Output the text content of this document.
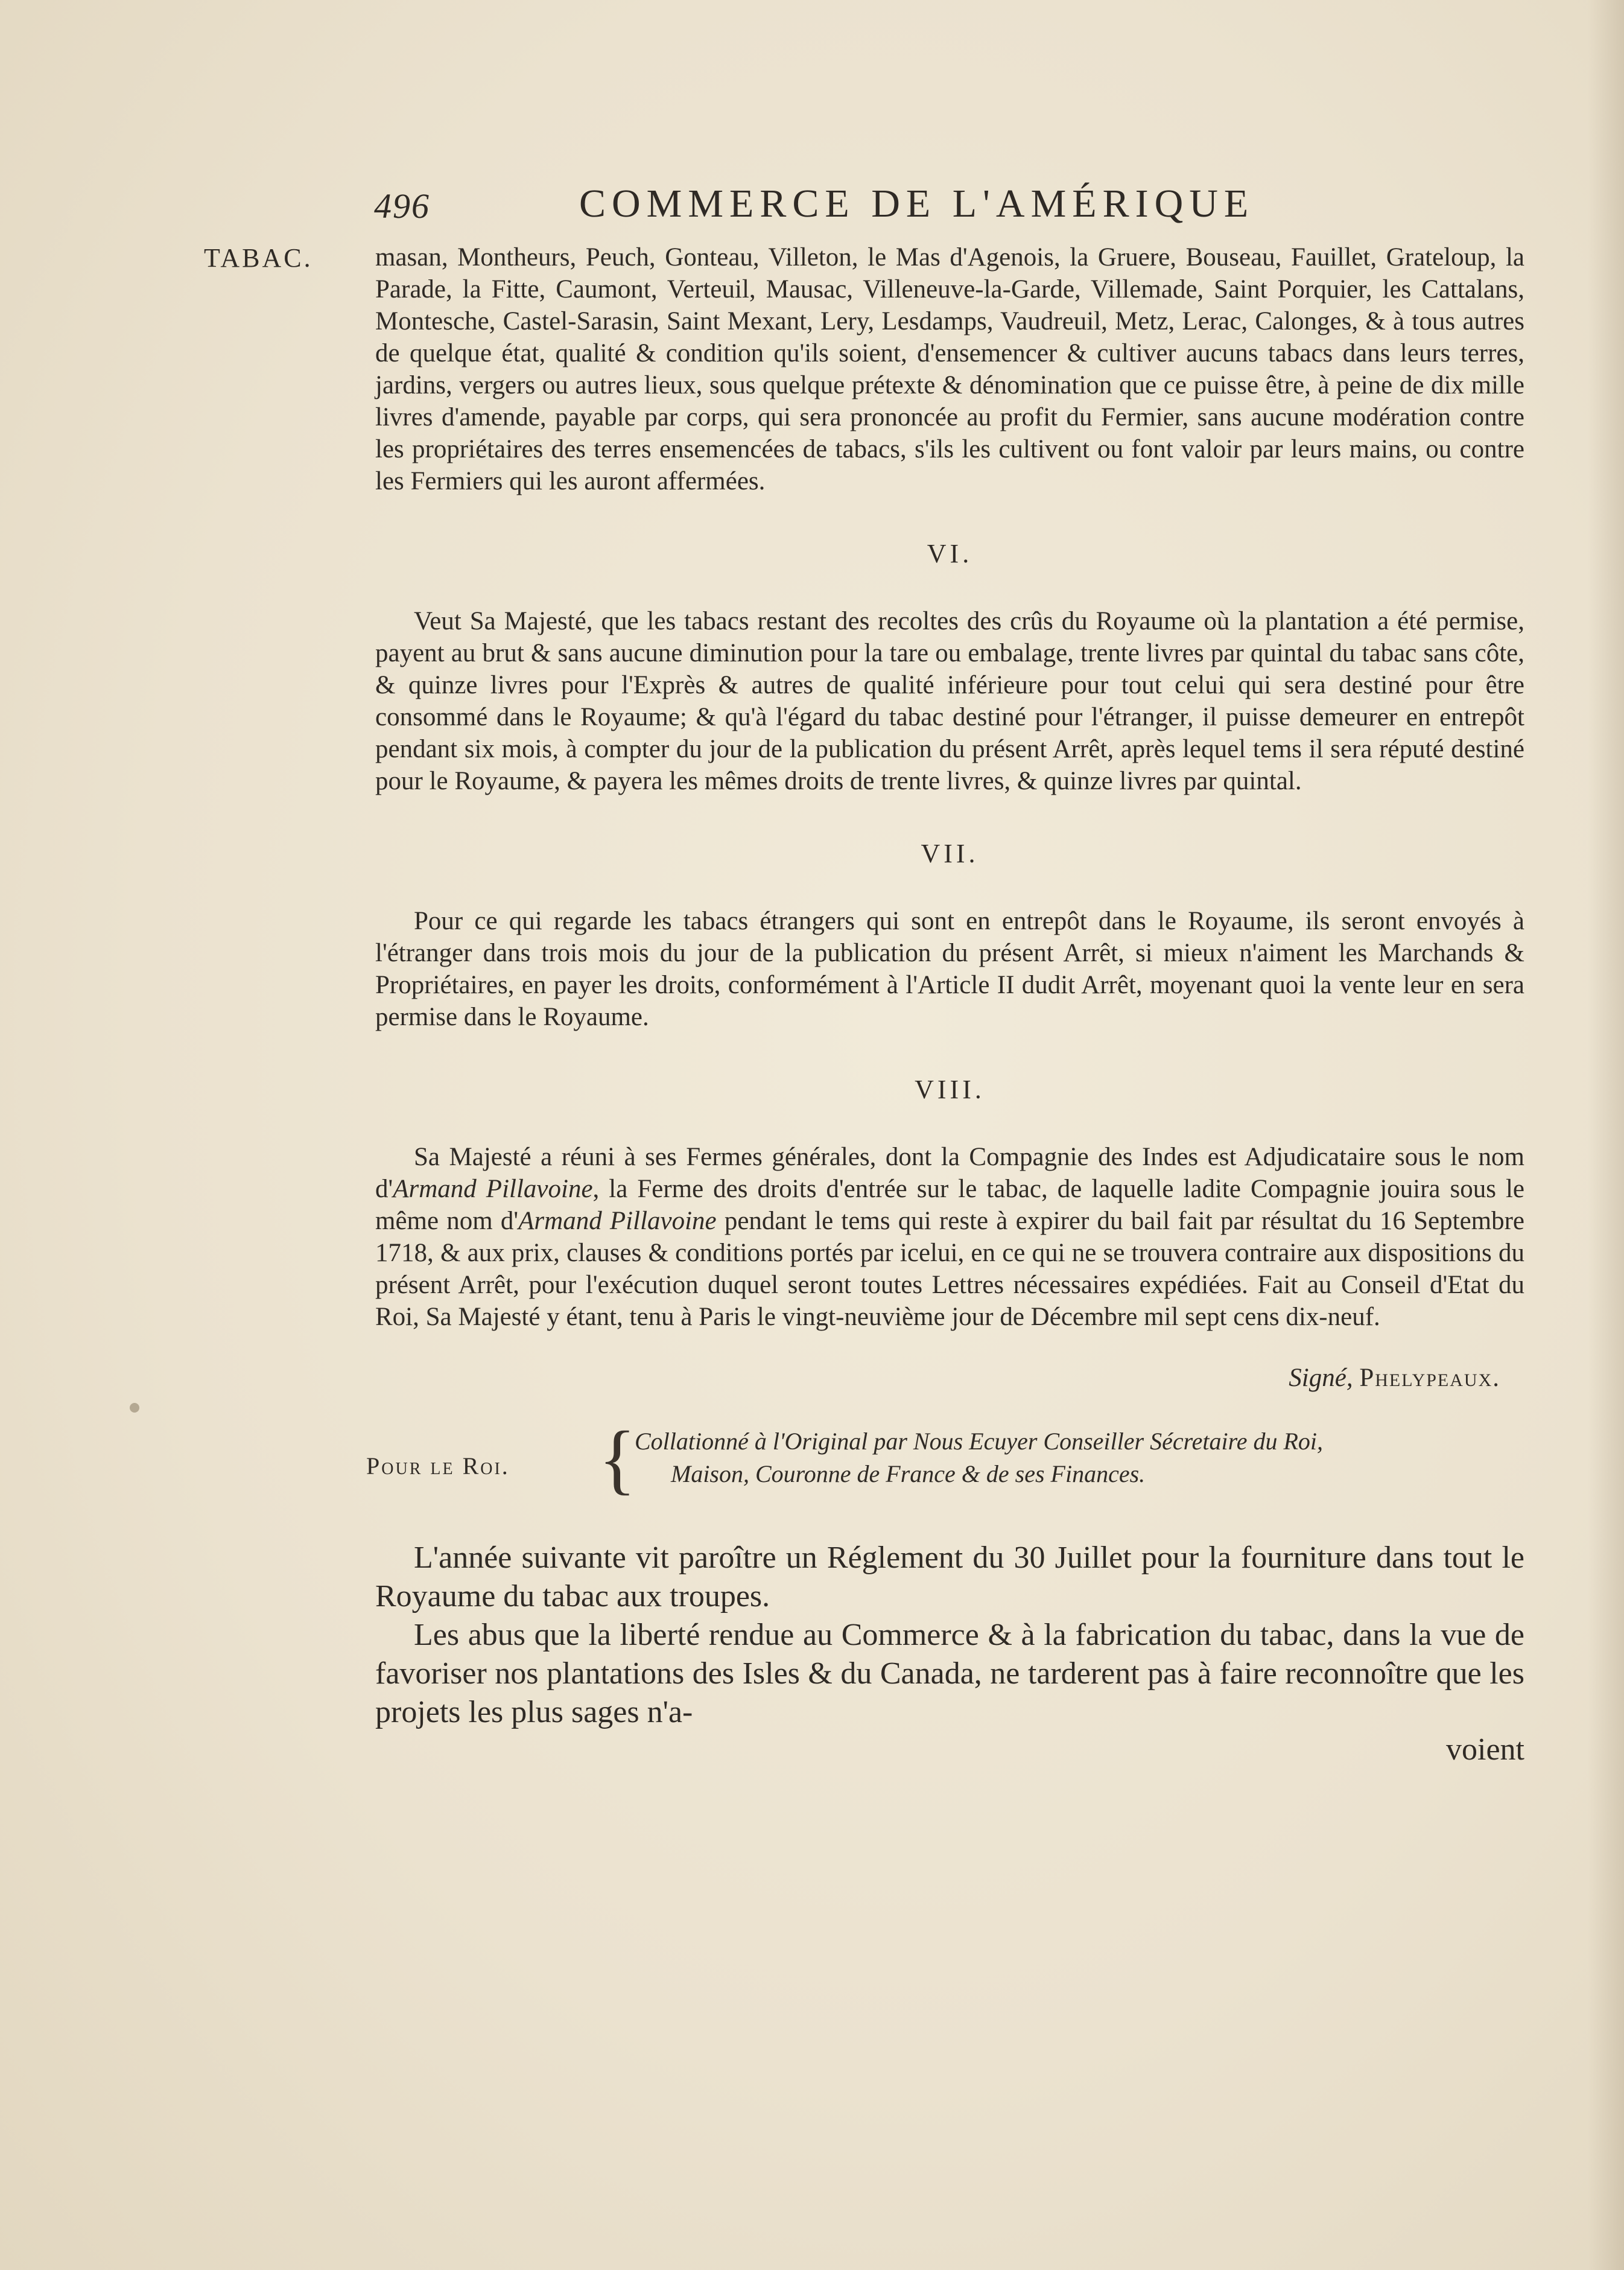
496	COMMERCE DE L'AMÉRIQUE
TABAC. masan, Montheurs, Peuch, Gonteau, Villeton, le Mas d'Agenois, la Gruere, Bouseau, Fauillet, Grateloup, la Parade, la Fitte, Caumont, Verteuil, Mausac, Villeneuve-la-Garde, Villemade, Saint Porquier, les Cattalans, Montesche, Castel-Sarasin, Saint Mexant, Lery, Lesdamps, Vaudreuil, Metz, Lerac, Calonges, & à tous autres de quelque état, qualité & condition qu'ils soient, d'ensemencer & cultiver aucuns tabacs dans leurs terres, jardins, vergers ou autres lieux, sous quelque prétexte & dénomination que ce puisse être, à peine de dix mille livres d'amende, payable par corps, qui sera prononcée au profit du Fermier, sans aucune modération contre les propriétaires des terres ensemencées de tabacs, s'ils les cultivent ou font valoir par leurs mains, ou contre les Fermiers qui les auront affermées.

VI.

Veut Sa Majesté, que les tabacs restant des recoltes des crûs du Royaume où la plantation a été permise, payent au brut & sans aucune diminution pour la tare ou embalage, trente livres par quintal du tabac sans côte, & quinze livres pour l'Exprès & autres de qualité inférieure pour tout celui qui sera destiné pour être consommé dans le Royaume; & qu'à l'égard du tabac destiné pour l'étranger, il puisse demeurer en entrepôt pendant six mois, à compter du jour de la publication du présent Arrêt, après lequel tems il sera réputé destiné pour le Royaume, & payera les mêmes droits de trente livres, & quinze livres par quintal.

VII.

Pour ce qui regarde les tabacs étrangers qui sont en entrepôt dans le Royaume, ils seront envoyés à l'étranger dans trois mois du jour de la publication du présent Arrêt, si mieux n'aiment les Marchands & Propriétaires, en payer les droits, conformément à l'Article II dudit Arrêt, moyenant quoi la vente leur en sera permise dans le Royaume.

VIII.

Sa Majesté a réuni à ses Fermes générales, dont la Compagnie des Indes est Adjudicataire sous le nom d'Armand Pillavoine, la Ferme des droits d'entrée sur le tabac, de laquelle ladite Compagnie jouira sous le même nom d'Armand Pillavoine pendant le tems qui reste à expirer du bail fait par résultat du 16 Septembre 1718, & aux prix, clauses & conditions portés par icelui, en ce qui ne se trouvera contraire aux dispositions du présent Arrêt, pour l'exécution duquel seront toutes Lettres nécessaires expédiées. Fait au Conseil d'Etat du Roi, Sa Majesté y étant, tenu à Paris le vingt-neuvième jour de Décembre mil sept cens dix-neuf.

Signé, Phelypeaux.
Pour le Roi. {
Collationné à l'Original par Nous Ecuyer Conseiller Sécretaire du Roi,
Maison, Couronne de France & de ses Finances.

L'année suivante vit paroître un Réglement du 30 Juillet pour la fourniture dans tout le Royaume du tabac aux troupes.

Les abus que la liberté rendue au Commerce & à la fabrication du tabac, dans la vue de favoriser nos plantations des Isles & du Canada, ne tarderent pas à faire reconnoître que les projets les plus sages n'a-

voient
